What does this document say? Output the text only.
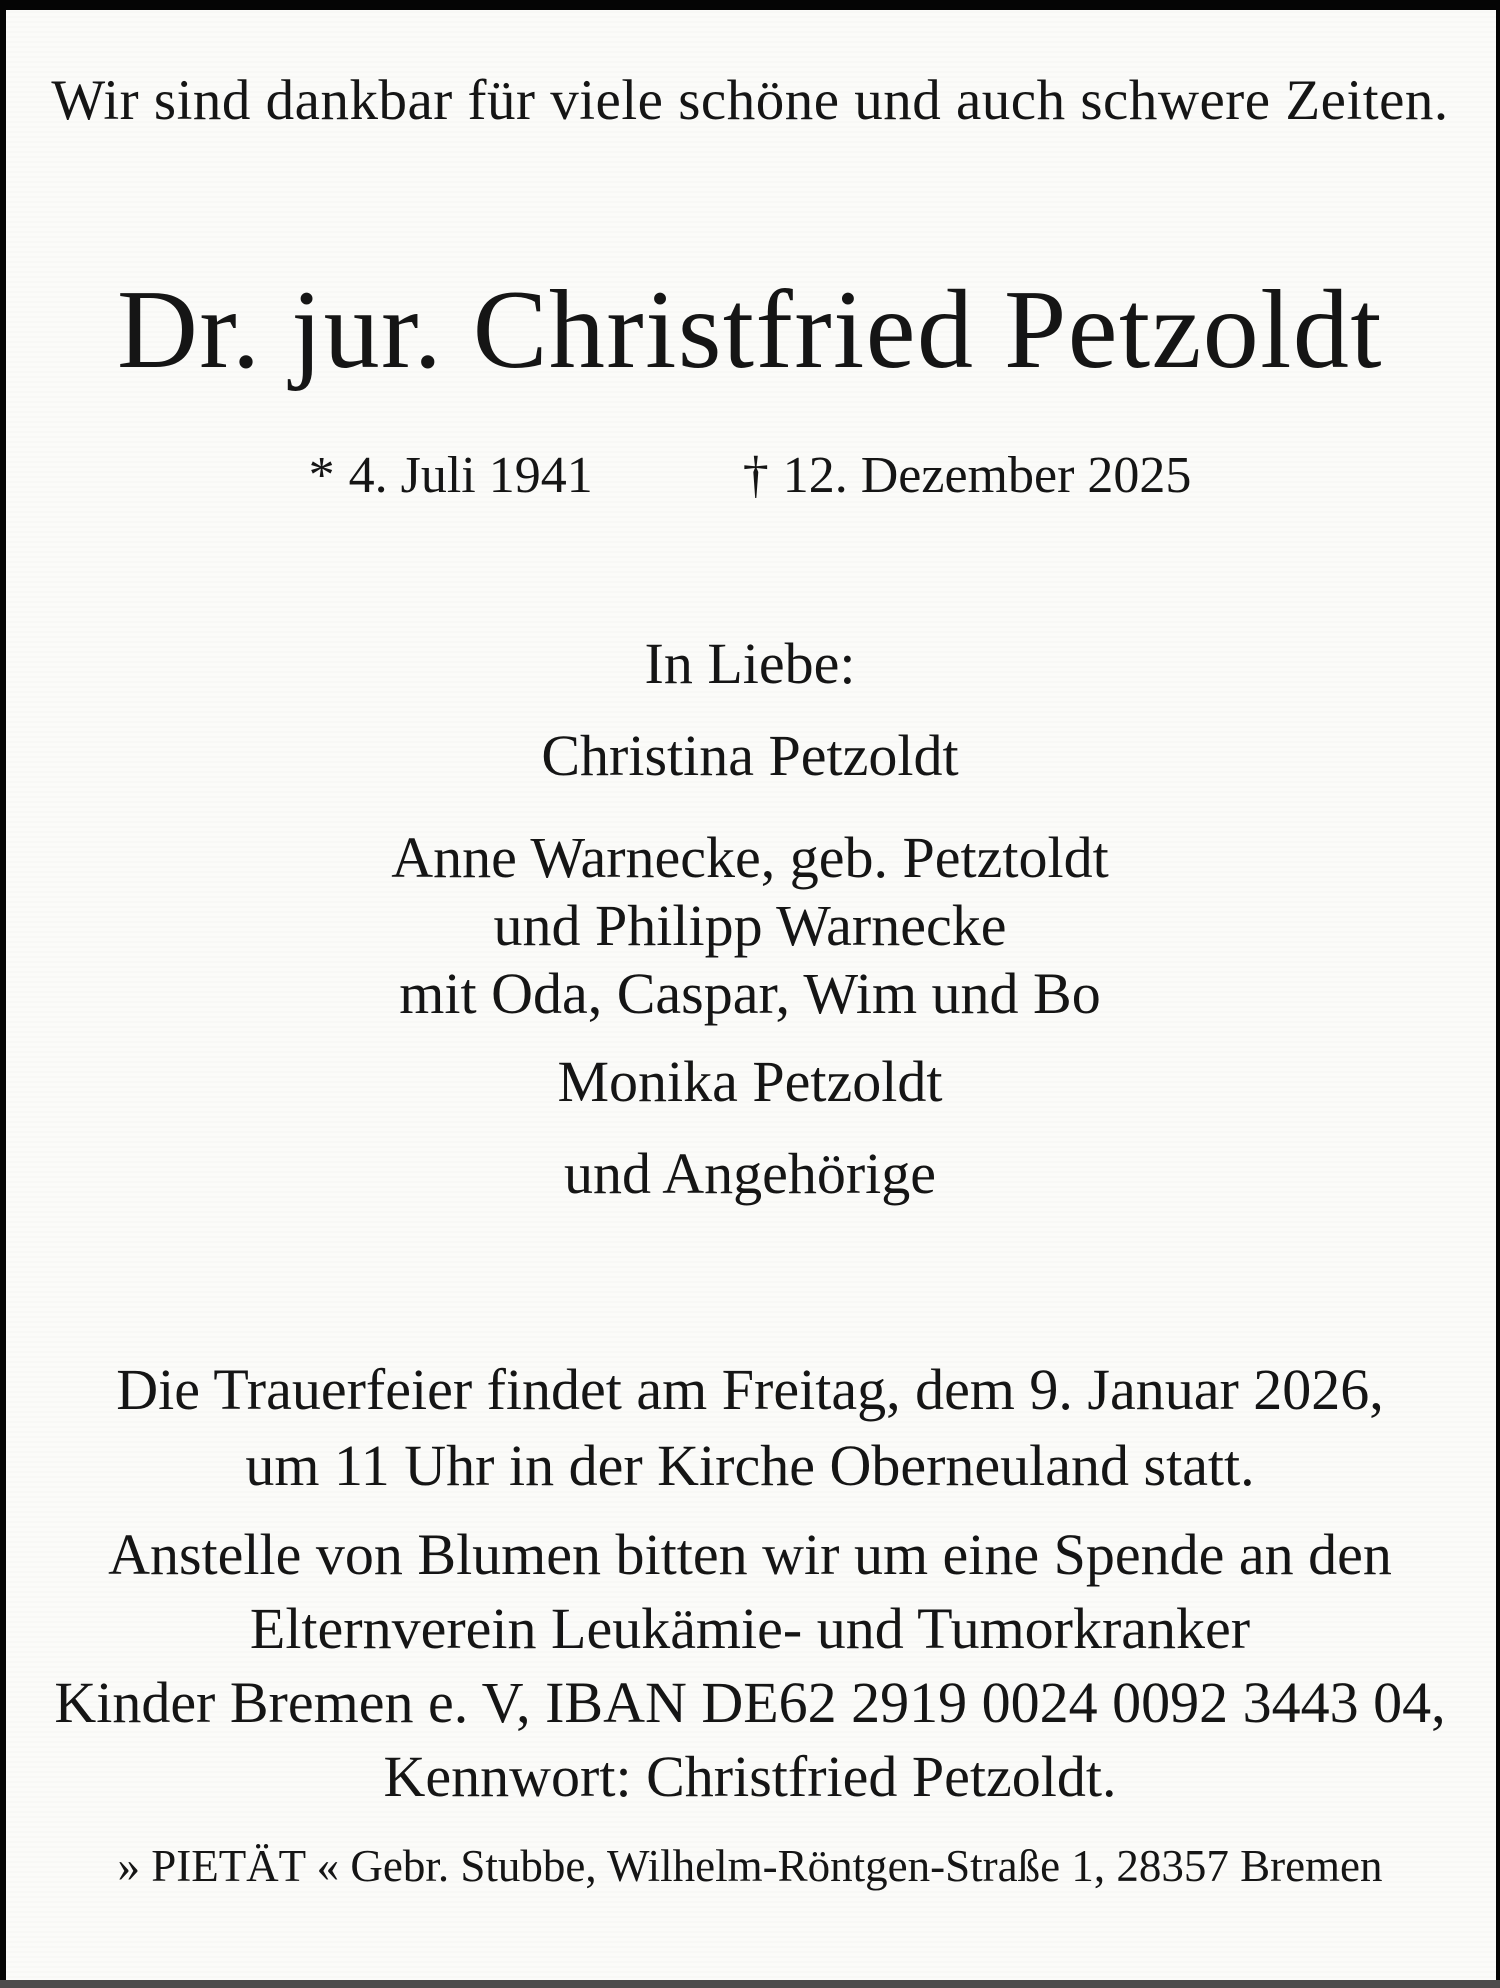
Wir sind dankbar für viele schöne und auch schwere Zeiten.
Dr. jur. Christfried Petzoldt
* 4. Juli 1941	† 12. Dezember 2025
In Liebe:
Christina Petzoldt
Anne Warnecke, geb. Petztoldt
und Philipp Warnecke
mit Oda, Caspar, Wim und Bo
Monika Petzoldt
und Angehörige
Die Trauerfeier findet am Freitag, dem 9. Januar 2026,
um 11 Uhr in der Kirche Oberneuland statt.
Anstelle von Blumen bitten wir um eine Spende an den
Elternverein Leukämie- und Tumorkranker
Kinder Bremen e. V, IBAN DE62 2919 0024 0092 3443 04,
Kennwort: Christfried Petzoldt.
» PIETÄT « Gebr. Stubbe, Wilhelm-Röntgen-Straße 1, 28357 Bremen
